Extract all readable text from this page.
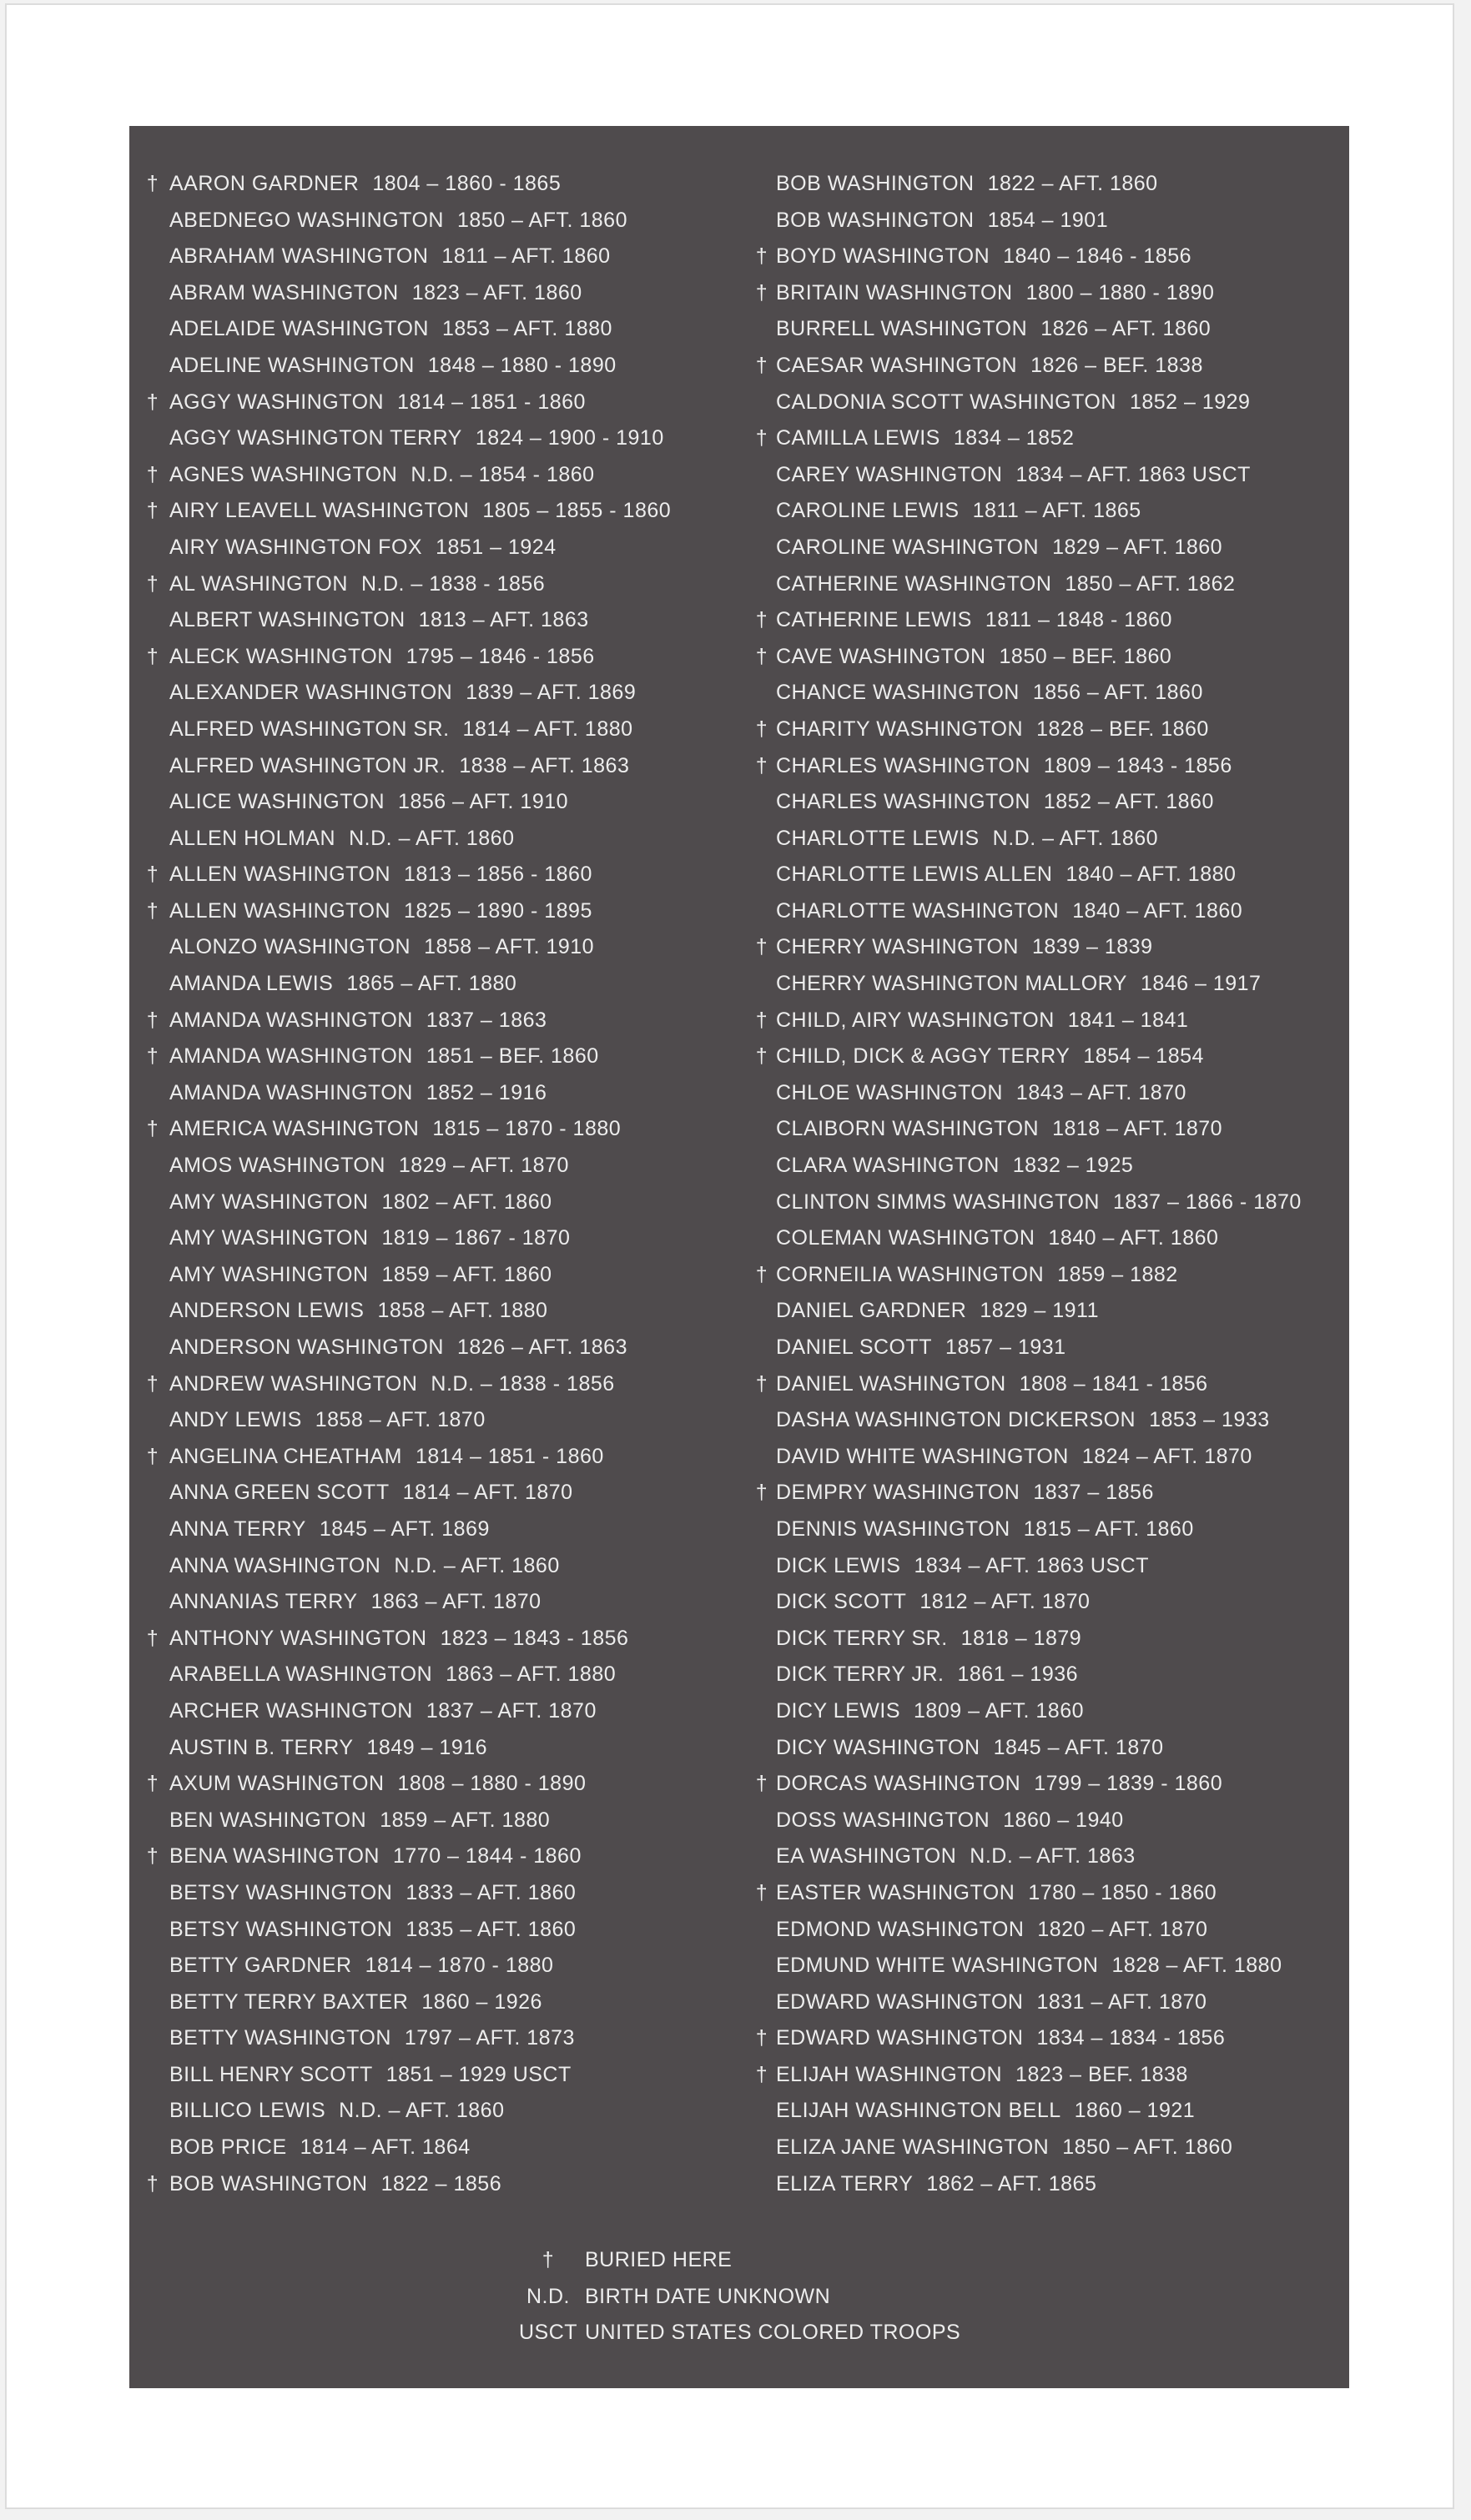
† AARON GARDNER 1804 – 1860 - 1865
ABEDNEGO WASHINGTON 1850 – AFT. 1860
ABRAHAM WASHINGTON 1811 – AFT. 1860
ABRAM WASHINGTON 1823 – AFT. 1860
ADELAIDE WASHINGTON 1853 – AFT. 1880
ADELINE WASHINGTON 1848 – 1880 - 1890
† AGGY WASHINGTON 1814 – 1851 - 1860
AGGY WASHINGTON TERRY 1824 – 1900 - 1910
† AGNES WASHINGTON N.D. – 1854 - 1860
† AIRY LEAVELL WASHINGTON 1805 – 1855 - 1860
AIRY WASHINGTON FOX 1851 – 1924
† AL WASHINGTON N.D. – 1838 - 1856
ALBERT WASHINGTON 1813 – AFT. 1863
† ALECK WASHINGTON 1795 – 1846 - 1856
ALEXANDER WASHINGTON 1839 – AFT. 1869
ALFRED WASHINGTON SR. 1814 – AFT. 1880
ALFRED WASHINGTON JR. 1838 – AFT. 1863
ALICE WASHINGTON 1856 – AFT. 1910
ALLEN HOLMAN N.D. – AFT. 1860
† ALLEN WASHINGTON 1813 – 1856 - 1860
† ALLEN WASHINGTON 1825 – 1890 - 1895
ALONZO WASHINGTON 1858 – AFT. 1910
AMANDA LEWIS 1865 – AFT. 1880
† AMANDA WASHINGTON 1837 – 1863
† AMANDA WASHINGTON 1851 – BEF. 1860
AMANDA WASHINGTON 1852 – 1916
† AMERICA WASHINGTON 1815 – 1870 - 1880
AMOS WASHINGTON 1829 – AFT. 1870
AMY WASHINGTON 1802 – AFT. 1860
AMY WASHINGTON 1819 – 1867 - 1870
AMY WASHINGTON 1859 – AFT. 1860
ANDERSON LEWIS 1858 – AFT. 1880
ANDERSON WASHINGTON 1826 – AFT. 1863
† ANDREW WASHINGTON N.D. – 1838 - 1856
ANDY LEWIS 1858 – AFT. 1870
† ANGELINA CHEATHAM 1814 – 1851 - 1860
ANNA GREEN SCOTT 1814 – AFT. 1870
ANNA TERRY 1845 – AFT. 1869
ANNA WASHINGTON N.D. – AFT. 1860
ANNANIAS TERRY 1863 – AFT. 1870
† ANTHONY WASHINGTON 1823 – 1843 - 1856
ARABELLA WASHINGTON 1863 – AFT. 1880
ARCHER WASHINGTON 1837 – AFT. 1870
AUSTIN B. TERRY 1849 – 1916
† AXUM WASHINGTON 1808 – 1880 - 1890
BEN WASHINGTON 1859 – AFT. 1880
† BENA WASHINGTON 1770 – 1844 - 1860
BETSY WASHINGTON 1833 – AFT. 1860
BETSY WASHINGTON 1835 – AFT. 1860
BETTY GARDNER 1814 – 1870 - 1880
BETTY TERRY BAXTER 1860 – 1926
BETTY WASHINGTON 1797 – AFT. 1873
BILL HENRY SCOTT 1851 – 1929 USCT
BILLICO LEWIS N.D. – AFT. 1860
BOB PRICE 1814 – AFT. 1864
† BOB WASHINGTON 1822 – 1856
BOB WASHINGTON 1822 – AFT. 1860
BOB WASHINGTON 1854 – 1901
† BOYD WASHINGTON 1840 – 1846 - 1856
† BRITAIN WASHINGTON 1800 – 1880 - 1890
BURRELL WASHINGTON 1826 – AFT. 1860
† CAESAR WASHINGTON 1826 – BEF. 1838
CALDONIA SCOTT WASHINGTON 1852 – 1929
† CAMILLA LEWIS 1834 – 1852
CAREY WASHINGTON 1834 – AFT. 1863 USCT
CAROLINE LEWIS 1811 – AFT. 1865
CAROLINE WASHINGTON 1829 – AFT. 1860
CATHERINE WASHINGTON 1850 – AFT. 1862
† CATHERINE LEWIS 1811 – 1848 - 1860
† CAVE WASHINGTON 1850 – BEF. 1860
CHANCE WASHINGTON 1856 – AFT. 1860
† CHARITY WASHINGTON 1828 – BEF. 1860
† CHARLES WASHINGTON 1809 – 1843 - 1856
CHARLES WASHINGTON 1852 – AFT. 1860
CHARLOTTE LEWIS N.D. – AFT. 1860
CHARLOTTE LEWIS ALLEN 1840 – AFT. 1880
CHARLOTTE WASHINGTON 1840 – AFT. 1860
† CHERRY WASHINGTON 1839 – 1839
CHERRY WASHINGTON MALLORY 1846 – 1917
† CHILD, AIRY WASHINGTON 1841 – 1841
† CHILD, DICK & AGGY TERRY 1854 – 1854
CHLOE WASHINGTON 1843 – AFT. 1870
CLAIBORN WASHINGTON 1818 – AFT. 1870
CLARA WASHINGTON 1832 – 1925
CLINTON SIMMS WASHINGTON 1837 – 1866 - 1870
COLEMAN WASHINGTON 1840 – AFT. 1860
† CORNEILIA WASHINGTON 1859 – 1882
DANIEL GARDNER 1829 – 1911
DANIEL SCOTT 1857 – 1931
† DANIEL WASHINGTON 1808 – 1841 - 1856
DASHA WASHINGTON DICKERSON 1853 – 1933
DAVID WHITE WASHINGTON 1824 – AFT. 1870
† DEMPRY WASHINGTON 1837 – 1856
DENNIS WASHINGTON 1815 – AFT. 1860
DICK LEWIS 1834 – AFT. 1863 USCT
DICK SCOTT 1812 – AFT. 1870
DICK TERRY SR. 1818 – 1879
DICK TERRY JR. 1861 – 1936
DICY LEWIS 1809 – AFT. 1860
DICY WASHINGTON 1845 – AFT. 1870
† DORCAS WASHINGTON 1799 – 1839 - 1860
DOSS WASHINGTON 1860 – 1940
EA WASHINGTON N.D. – AFT. 1863
† EASTER WASHINGTON 1780 – 1850 - 1860
EDMOND WASHINGTON 1820 – AFT. 1870
EDMUND WHITE WASHINGTON 1828 – AFT. 1880
EDWARD WASHINGTON 1831 – AFT. 1870
† EDWARD WASHINGTON 1834 – 1834 - 1856
† ELIJAH WASHINGTON 1823 – BEF. 1838
ELIJAH WASHINGTON BELL 1860 – 1921
ELIZA JANE WASHINGTON 1850 – AFT. 1860
ELIZA TERRY 1862 – AFT. 1865
†	BURIED HERE
N.D. BIRTH DATE UNKNOWN
USCT UNITED STATES COLORED TROOPS
